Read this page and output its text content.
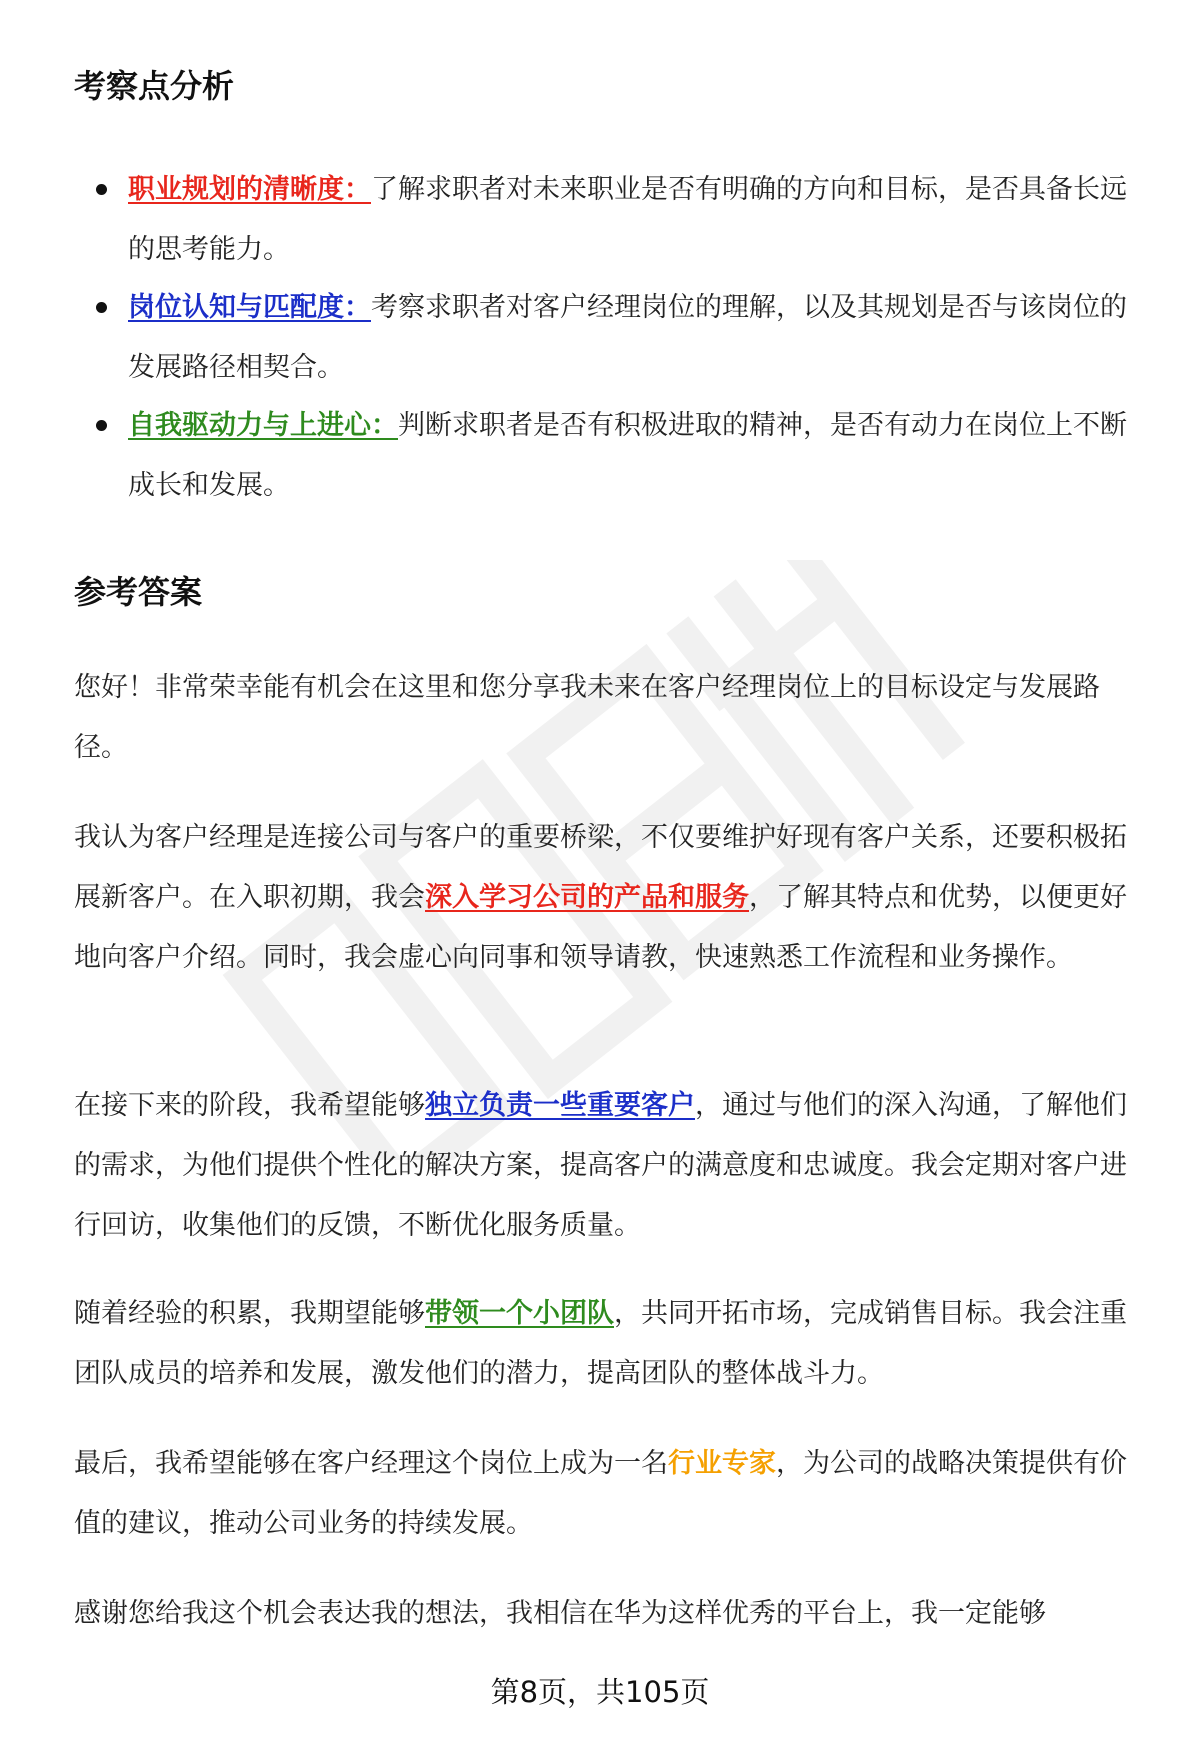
考察点分析
职业规划的清晰度：了解求职者对未来职业是否有明确的方向和目标，是否具备长远的思考能力。
岗位认知与匹配度：考察求职者对客户经理岗位的理解，以及其规划是否与该岗位的发展路径相契合。
自我驱动力与上进心：判断求职者是否有积极进取的精神，是否有动力在岗位上不断成长和发展。
参考答案

您好！非常荣幸能有机会在这里和您分享我未来在客户经理岗位上的目标设定与发展路径。

我认为客户经理是连接公司与客户的重要桥梁，不仅要维护好现有客户关系，还要积极拓展新客户。在入职初期，我会深入学习公司的产品和服务，了解其特点和优势，以便更好地向客户介绍。同时，我会虚心向同事和领导请教，快速熟悉工作流程和业务操作。

在接下来的阶段，我希望能够独立负责一些重要客户，通过与他们的深入沟通，了解他们的需求，为他们提供个性化的解决方案，提高客户的满意度和忠诚度。我会定期对客户进行回访，收集他们的反馈，不断优化服务质量。

随着经验的积累，我期望能够带领一个小团队，共同开拓市场，完成销售目标。我会注重团队成员的培养和发展，激发他们的潜力，提高团队的整体战斗力。

最后，我希望能够在客户经理这个岗位上成为一名行业专家，为公司的战略决策提供有价值的建议，推动公司业务的持续发展。

感谢您给我这个机会表达我的想法，我相信在华为这样优秀的平台上，我一定能够

第8页，共105页
